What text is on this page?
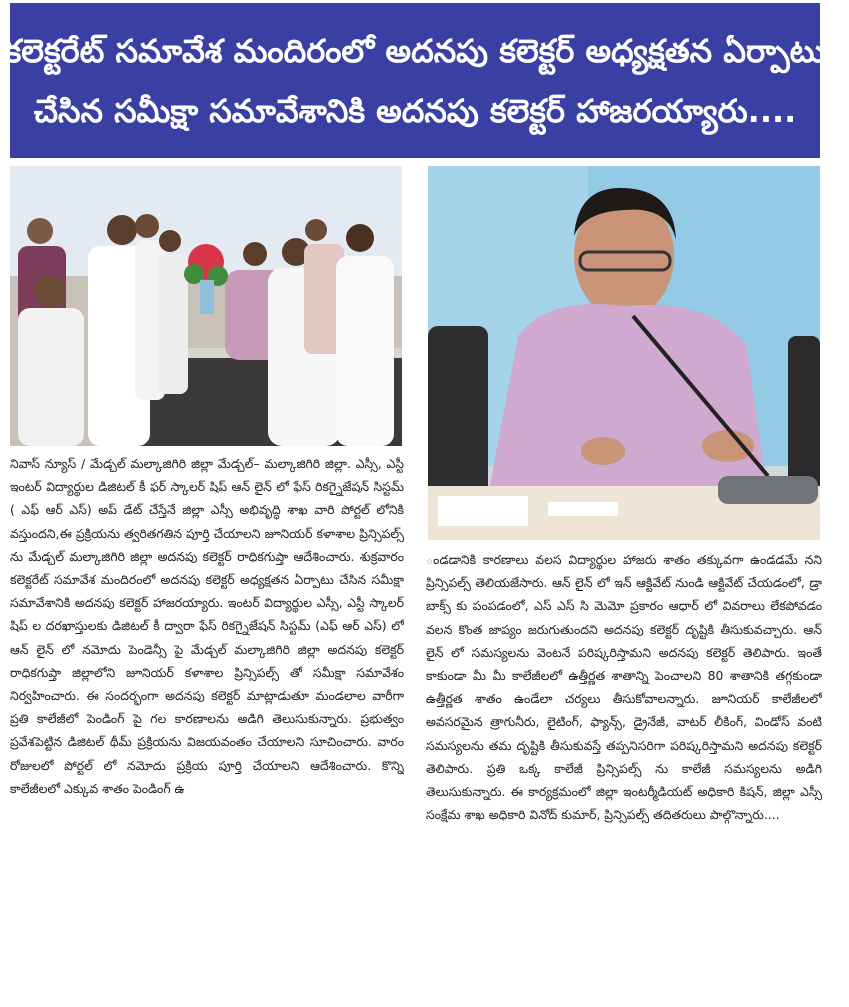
కలెక్టరేట్ సమావేశ మందిరంలో అదనపు కలెక్టర్ అధ్యక్షతన ఏర్పాటు
చేసిన సమీక్షా సమావేశానికి అదనపు కలెక్టర్ హాజరయ్యారు....

నివాస్ న్యూస్ / మేడ్చల్ మల్కాజిగిరి జిల్లా మేడ్చల్– మల్కాజిగిరి జిల్లా. ఎస్సీ, ఎస్టీ ఇంటర్ విద్యార్థుల డిజిటల్ కీ ఫర్ స్కాలర్ షిప్ ఆన్ లైన్ లో ఫేస్ రికగ్నైజేషన్ సిస్టమ్ ( ఎఫ్ ఆర్ ఎస్) అప్ డేట్ చేస్తేనే జిల్లా ఎస్సీ అభివృద్ధి శాఖ వారి పోర్టల్ లోనికి వస్తుందని,ఈ ప్రక్రియను త్వరితగతిన పూర్తి చేయాలని జూనియర్ కళాశాల ప్రిన్సిపల్స్ ను మేడ్చల్ మల్కాజిగిరి జిల్లా అదనపు కలెక్టర్ రాధికగుప్తా ఆదేశించారు. శుక్రవారం కలెక్టరేట్ సమావేశ మందిరంలో అదనపు కలెక్టర్ అధ్యక్షతన ఏర్పాటు చేసిన సమీక్షా సమావేశానికి అదనపు కలెక్టర్ హాజరయ్యారు. ఇంటర్ విద్యార్థుల ఎస్సీ, ఎస్టీ స్కాలర్ షిప్ ల దరఖాస్తులకు డిజిటల్ కీ ద్వారా ఫేస్ రికగ్నైజేషన్ సిస్టమ్ (ఎఫ్ ఆర్ ఎస్) లో ఆన్ లైన్ లో నమోదు పెండెన్సీ పై మేడ్చల్ మల్కాజిగిరి జిల్లా అదనపు కలెక్టర్ రాధికగుప్తా జిల్లాలోని జూనియర్ కళాశాల ప్రిన్సిపల్స్ తో సమీక్షా సమావేశం నిర్వహించారు. ఈ సందర్భంగా అదనపు కలెక్టర్ మాట్లాడుతూ మండలాల వారీగా ప్రతి కాలేజీలో పెండింగ్ పై గల కారణాలను అడిగి తెలుసుకున్నారు. ప్రభుత్వం ప్రవేశపెట్టిన డిజిటల్ థీమ్ ప్రక్రియను విజయవంతం చేయాలని సూచించారు. వారం రోజులలో పోర్టల్ లో నమోదు ప్రక్రియ పూర్తి చేయాలని ఆదేశించారు. కొన్ని కాలేజీలలో ఎక్కువ శాతం పెండింగ్ ఉ

ండడానికి కారణాలు వలస విద్యార్థుల హాజరు శాతం తక్కువగా ఉండడమే నని ప్రిన్సిపల్స్ తెలియజేసారు. ఆన్ లైన్ లో ఇన్ ఆక్టివేట్ నుండి ఆక్టివేట్ చేయడంలో, డ్రా బాక్స్ కు పంపడంలో, ఎస్ ఎస్ సి మెమో ప్రకారం ఆధార్ లో వివరాలు లేకపోవడం వలన కొంత జాప్యం జరుగుతుందని అదనపు కలెక్టర్ దృష్టికి తీసుకువచ్చారు. ఆన్ లైన్ లో సమస్యలను వెంటనే పరిష్కరిస్తామని అదనపు కలెక్టర్ తెలిపారు. ఇంతే కాకుండా మీ మీ కాలేజీలలో ఉత్తీర్ణత శాతాన్ని పెంచాలని 80 శాతానికి తగ్గకుండా ఉత్తీర్ణత శాతం ఉండేలా చర్యలు తీసుకోవాలన్నారు. జూనియర్ కాలేజీలలో అవసరమైన త్రాగునీరు, లైటింగ్, ఫ్యాన్స్, డ్రైనేజీ, వాటర్ లీకింగ్, విండోస్ వంటి సమస్యలను తమ దృష్టికి తీసుకువస్తే తప్పనిసరిగా పరిష్కరిస్తామని అదనపు కలెక్టర్ తెలిపారు. ప్రతి ఒక్క కాలేజీ ప్రిన్సిపల్స్ ను కాలేజీ సమస్యలను అడిగి తెలుసుకున్నారు. ఈ కార్యక్రమంలో జిల్లా ఇంటర్మీడియట్ అధికారి కిషన్, జిల్లా ఎస్సీ సంక్షేమ శాఖ అధికారి వినోద్ కుమార్, ప్రిన్సిపల్స్ తదితరులు పాల్గొన్నారు....
